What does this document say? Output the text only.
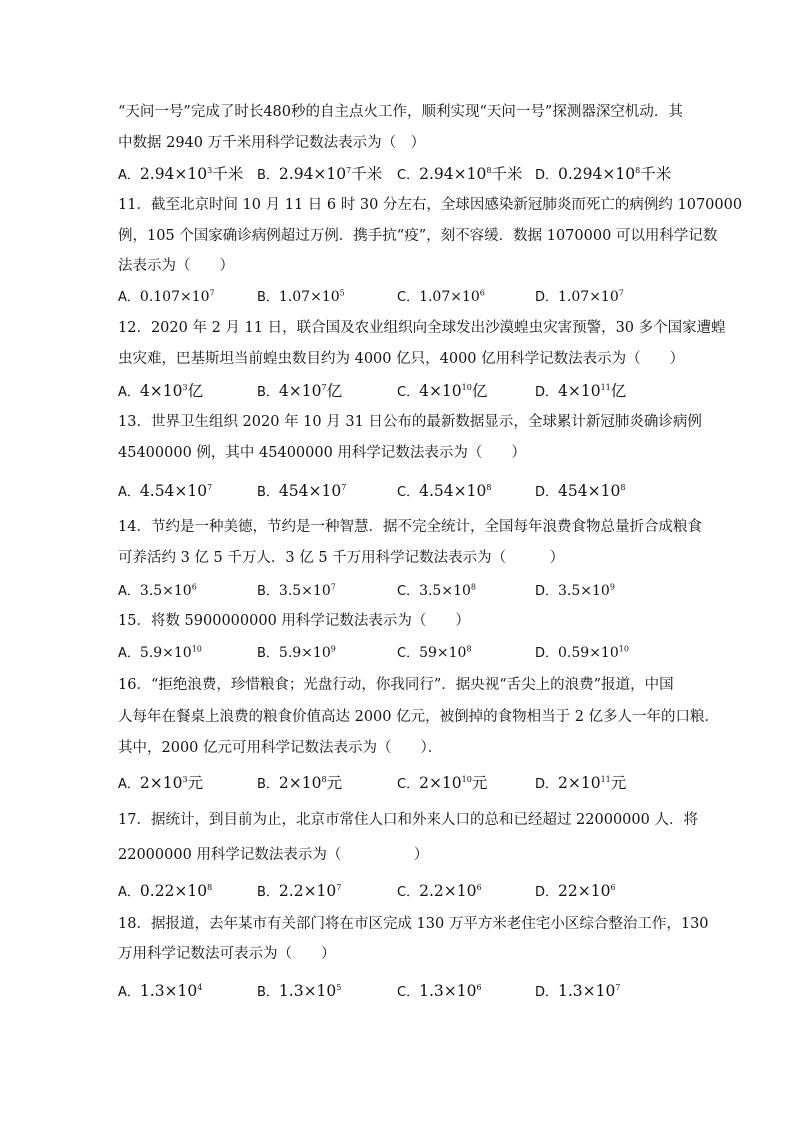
“天问一号”完成了时长480秒的自主点火工作，顺利实现“天问一号”探测器深空机动．其
中数据 2940 万千米用科学记数法表示为（　）
A．$2.94\times 10^3$千米 B．$2.94\times 10^7$千米 C．$2.94\times 10^8$千米 D．$0.294\times 10^8$千米
11．截至北京时间 10 月 11 日 6 时 30 分左右，全球因感染新冠肺炎而死亡的病例约 1070000
例，105 个国家确诊病例超过万例．携手抗“疫”，刻不容缓．数据 1070000 可以用科学记数
法表示为（　　）
A．$0.107\times 10^7$	B．$1.07\times 10^5$	C．$1.07\times 10^6$	D．$1.07\times 10^7$
12．2020 年 2 月 11 日，联合国及农业组织向全球发出沙漠蝗虫灾害预警，30 多个国家遭蝗
虫灾难，巴基斯坦当前蝗虫数目约为 4000 亿只，4000 亿用科学记数法表示为（　　）
A．$4\times 10^3$亿	B．$4\times 10^7$亿	C．$4\times 10^{10}$亿	D．$4\times 10^{11}$亿
13．世界卫生组织 2020 年 10 月 31 日公布的最新数据显示，全球累计新冠肺炎确诊病例
45400000 例，其中 45400000 用科学记数法表示为（　　）
A．$4.54\times 10^7$	B．$454\times 10^7$	C．$4.54\times 10^8$	D．$454\times 10^8$
14．节约是一种美德，节约是一种智慧．据不完全统计，全国每年浪费食物总量折合成粮食
可养活约 3 亿 5 千万人．3 亿 5 千万用科学记数法表示为（　　　）
A．$3.5\times 10^6$	B．$3.5\times 10^7$	C．$3.5\times 10^8$	D．$3.5\times 10^9$
15．将数 5900000000 用科学记数法表示为（　　）
A．$5.9\times 10^{10}$	B．$5.9\times 10^9$	C．$59\times 10^8$	D．$0.59\times 10^{10}$
16．“拒绝浪费，珍惜粮食；光盘行动，你我同行”．据央视“舌尖上的浪费”报道，中国
人每年在餐桌上浪费的粮食价值高达 2000 亿元，被倒掉的食物相当于 2 亿多人一年的口粮．
其中，2000 亿元可用科学记数法表示为（　　）．
A．$2\times 10^3$元	B．$2\times 10^8$元	C．$2\times 10^{10}$元	D．$2\times 10^{11}$元
17．据统计，到目前为止，北京市常住人口和外来人口的总和已经超过 22000000 人．将
22000000 用科学记数法表示为（　　　　　）
A．$0.22\times 10^8$	B．$2.2\times 10^7$	C．$2.2\times 10^6$	D．$22\times 10^6$
18．据报道，去年某市有关部门将在市区完成 130 万平方米老住宅小区综合整治工作，130
万用科学记数法可表示为（　　）
A．$1.3\times 10^4$	B．$1.3\times 10^5$	C．$1.3\times 10^6$	D．$1.3\times 10^7$
